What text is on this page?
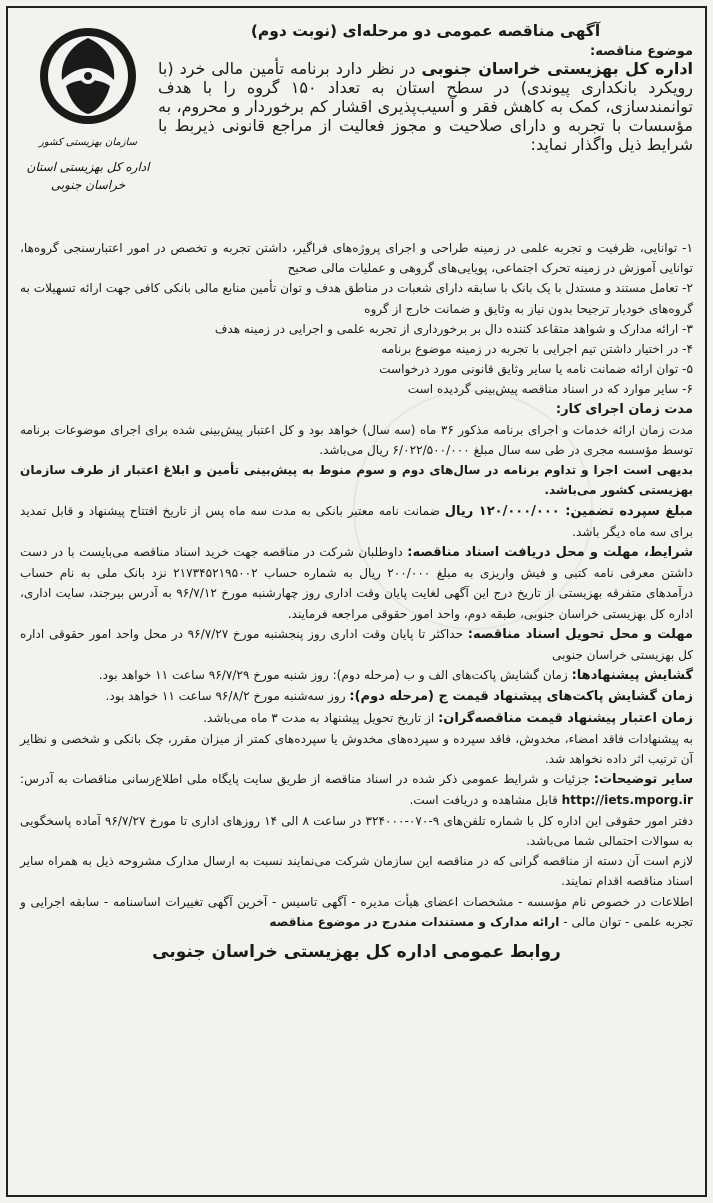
سازمان بهزیستی کشور
اداره کل بهزیستی استان خراسان جنوبی
آگهی مناقصه عمومی دو مرحله‌ای (نوبت دوم)
موضوع مناقصه:

اداره کل بهزیستی خراسان جنوبی در نظر دارد برنامه تأمین مالی خرد (با رویکرد بانکداری پیوندی) در سطح استان به تعداد ۱۵۰ گروه را با هدف توانمندسازی، کمک به کاهش فقر و آسیب‌پذیری اقشار کم برخوردار و محروم، به مؤسسات با تجربه و دارای صلاحیت و مجوز فعالیت از مراجع قانونی ذیربط با شرایط ذیل واگذار نماید:

۱- توانایی، ظرفیت و تجربه علمی در زمینه طراحی و اجرای پروژه‌های فراگیر، داشتن تجربه و تخصص در امور اعتبارسنجی گروه‌ها، توانایی آموزش در زمینه تحرک اجتماعی، پویایی‌های گروهی و عملیات مالی صحیح

۲- تعامل مستند و مستدل با یک بانک با سابقه دارای شعبات در مناطق هدف و توان تأمین منابع مالی بانکی کافی جهت ارائه تسهیلات به گروه‌های خودیار ترجیحا بدون نیاز به وثایق و ضمانت خارج از گروه

۳- ارائه مدارک و شواهد متقاعد کننده دال بر برخورداری از تجربه علمی و اجرایی در زمینه هدف

۴- در اختیار داشتن تیم اجرایی با تجربه در زمینه موضوع برنامه

۵- توان ارائه ضمانت نامه یا سایر وثایق قانونی مورد درخواست

۶- سایر موارد که در اسناد مناقصه پیش‌بینی گردیده است

مدت زمان اجرای کار:

مدت زمان ارائه خدمات و اجرای برنامه مذکور ۳۶ ماه (سه سال) خواهد بود و کل اعتبار پیش‌بینی شده برای اجرای موضوعات برنامه توسط مؤسسه مجری در طی سه سال مبلغ ۶/۰۲۲/۵۰۰/۰۰۰ ریال می‌باشد.

بدیهی است اجرا و تداوم برنامه در سال‌های دوم و سوم منوط به پیش‌بینی تأمین و ابلاغ اعتبار از طرف سازمان بهزیستی کشور می‌باشد.

مبلغ سپرده تضمین: ۱۲۰/۰۰۰/۰۰۰ ریال ضمانت نامه معتبر بانکی به مدت سه ماه پس از تاریخ افتتاح پیشنهاد و قابل تمدید برای سه ماه دیگر باشد.

شرایط، مهلت و محل دریافت اسناد مناقصه: داوطلبان شرکت در مناقصه جهت خرید اسناد مناقصه می‌بایست با در دست داشتن معرفی نامه کتبی و فیش واریزی به مبلغ ۲۰۰/۰۰۰ ریال به شماره حساب ۲۱۷۳۴۵۲۱۹۵۰۰۲ نزد بانک ملی به نام حساب درآمدهای متفرقه بهزیستی از تاریخ درج این آگهی لغایت پایان وقت اداری روز چهارشنبه مورخ ۹۶/۷/۱۲ به آدرس بیرجند، سایت اداری، اداره کل بهزیستی خراسان جنوبی، طبقه دوم، واحد امور حقوقی مراجعه فرمایند.

مهلت و محل تحویل اسناد مناقصه: حداکثر تا پایان وقت اداری روز پنجشنبه مورخ ۹۶/۷/۲۷ در محل واحد امور حقوقی اداره کل بهزیستی خراسان جنوبی

گشایش پیشنهادها: زمان گشایش پاکت‌های الف و ب (مرحله دوم): روز شنبه مورخ ۹۶/۷/۲۹ ساعت ۱۱ خواهد بود.

زمان گشایش پاکت‌های پیشنهاد قیمت ج (مرحله دوم): روز سه‌شنبه مورخ ۹۶/۸/۲ ساعت ۱۱ خواهد بود.

زمان اعتبار پیشنهاد قیمت مناقصه‌گران: از تاریخ تحویل پیشنهاد به مدت ۳ ماه می‌باشد.

به پیشنهادات فاقد امضاء، مخدوش، فاقد سپرده و سپرده‌های مخدوش یا سپرده‌های کمتر از میزان مقرر، چک بانکی و شخصی و نظایر آن ترتیب اثر داده نخواهد شد.

سایر توضیحات: جزئیات و شرایط عمومی ذکر شده در اسناد مناقصه از طریق سایت پایگاه ملی اطلاع‌رسانی مناقصات به آدرس: http://iets.mporg.ir قابل مشاهده و دریافت است.

دفتر امور حقوقی این اداره کل با شماره تلفن‌های ۹-۰۷۰-۳۲۴۰۰۰ در ساعت ۸ الی ۱۴ روزهای اداری تا مورخ ۹۶/۷/۲۷ آماده پاسخگویی به سوالات احتمالی شما می‌باشد.

لازم است آن دسته از مناقصه گرانی که در مناقصه این سازمان شرکت می‌نمایند نسبت به ارسال مدارک مشروحه ذیل به همراه سایر اسناد مناقصه اقدام نمایند.

اطلاعات در خصوص نام مؤسسه - مشخصات اعضای هیأت مدیره - آگهی تاسیس - آخرین آگهی تغییرات اساسنامه - سابقه اجرایی و تجربه علمی - توان مالی - ارائه مدارک و مستندات مندرج در موضوع مناقصه

روابط عمومی اداره کل بهزیستی خراسان جنوبی
